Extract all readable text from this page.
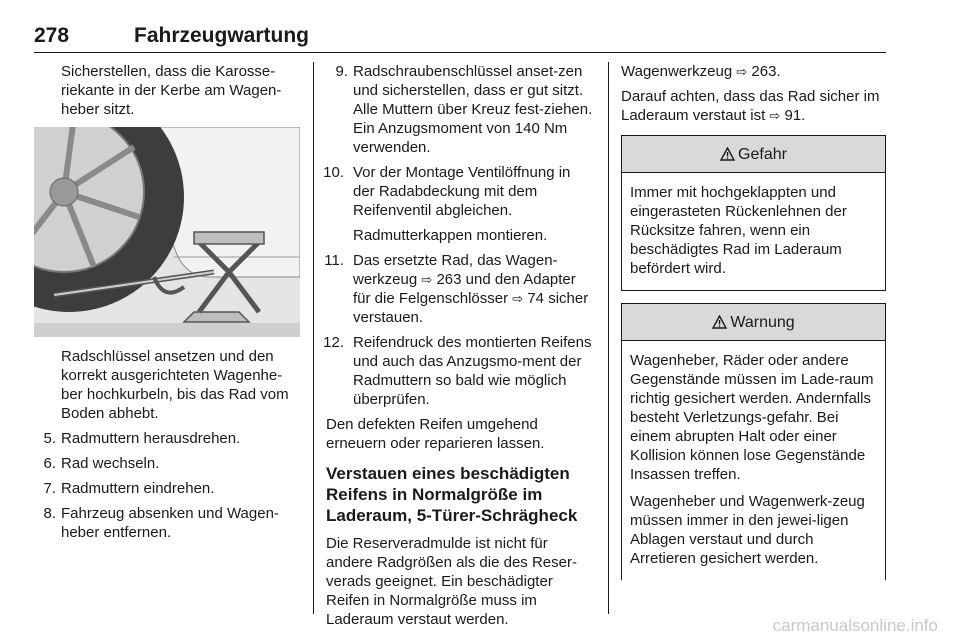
278	Fahrzeugwartung

Sicherstellen, dass die Karosse-riekante in der Kerbe am Wagen-heber sitzt.

Radschlüssel ansetzen und den korrekt ausgerichteten Wagenhe-ber hochkurbeln, bis das Rad vom Boden abhebt.

5. Radmuttern herausdrehen.
6. Rad wechseln.
7. Radmuttern eindrehen.
8. Fahrzeug absenken und Wagen-heber entfernen.
9. Radschraubenschlüssel anset-zen und sicherstellen, dass er gut sitzt. Alle Muttern über Kreuz fest-ziehen. Ein Anzugsmoment von 140 Nm verwenden.
10. Vor der Montage Ventilöffnung in der Radabdeckung mit dem Reifenventil abgleichen.

Radmutterkappen montieren.

11. Das ersetzte Rad, das Wagen-werkzeug ⇨ 263 und den Adapter für die Felgenschlösser ⇨ 74 sicher verstauen.
12. Reifendruck des montierten Reifens und auch das Anzugsmo-ment der Radmuttern so bald wie möglich überprüfen.

Den defekten Reifen umgehend erneuern oder reparieren lassen.

Verstauen eines beschädigten Reifens in Normalgröße im Laderaum, 5-Türer-Schrägheck

Die Reserveradmulde ist nicht für andere Radgrößen als die des Reser-verads geeignet. Ein beschädigter Reifen in Normalgröße muss im Laderaum verstaut werden.

Wagenwerkzeug ⇨ 263.

Darauf achten, dass das Rad sicher im Laderaum verstaut ist ⇨ 91.

Gefahr

Immer mit hochgeklappten und eingerasteten Rückenlehnen der Rücksitze fahren, wenn ein beschädigtes Rad im Laderaum befördert wird.

Warnung

Wagenheber, Räder oder andere Gegenstände müssen im Lade-raum richtig gesichert werden. Andernfalls besteht Verletzungs-gefahr. Bei einem abrupten Halt oder einer Kollision können lose Gegenstände Insassen treffen.

Wagenheber und Wagenwerk-zeug müssen immer in den jewei-ligen Ablagen verstaut und durch Arretieren gesichert werden.

carmanualsonline.info
